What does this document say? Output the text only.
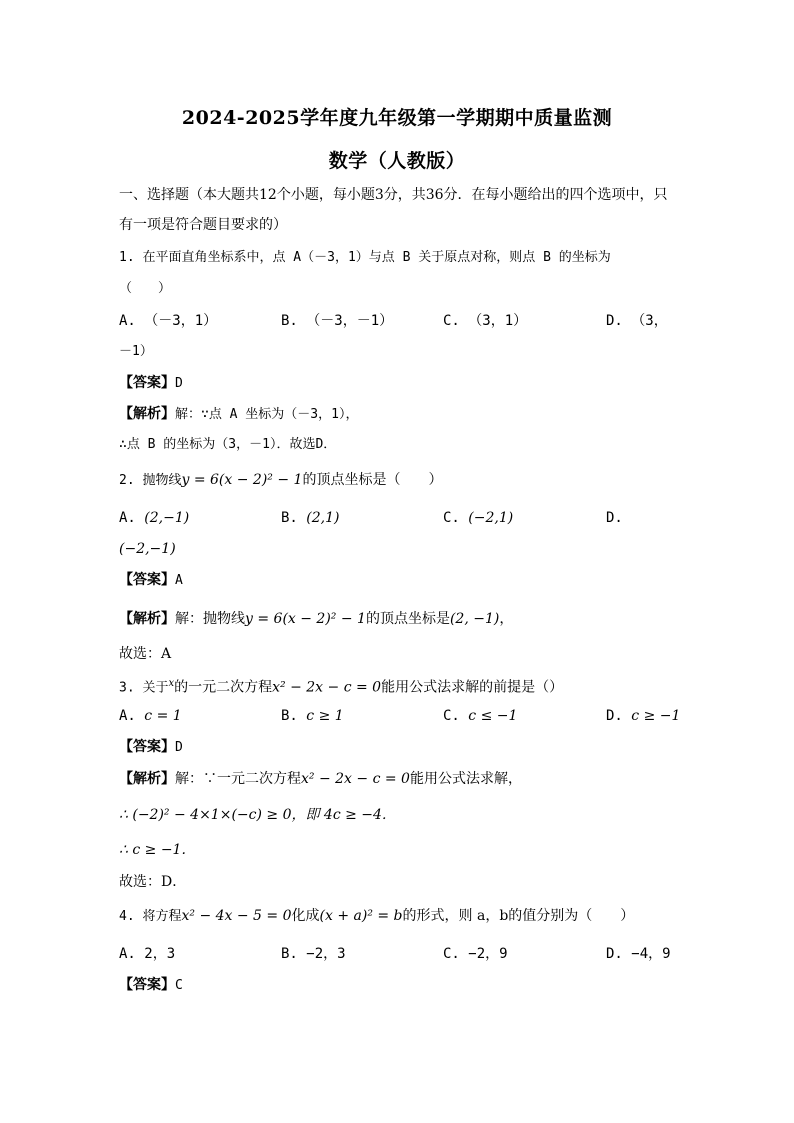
2024-2025学年度九年级第一学期期中质量监测
数学（人教版）
一、选择题（本大题共12个小题，每小题3分，共36分．在每小题给出的四个选项中，只
有一项是符合题目要求的）
1. 在平面直角坐标系中，点 A（－3，1）与点 B 关于原点对称，则点 B 的坐标为
（　　）
A. （－3，1）	B. （－3，－1）	C. （3，1）	D. （3，
－1）
【答案】D
【解析】解：∵点 A 坐标为（－3，1），
∴点 B 的坐标为（3，－1）．故选D．
2. 抛物线y = 6(x − 2)² − 1的顶点坐标是（　　）
A. (2,−1)	B. (2,1)	C. (−2,1)	D.
(−2,−1)
【答案】A
【解析】解：抛物线y = 6(x − 2)² − 1的顶点坐标是(2, −1)，
故选：A
3. 关于$^x$的一元二次方程x² − 2x − c = 0能用公式法求解的前提是（）
A. c = 1	B. c ≥ 1	C. c ≤ −1	D. c ≥ −1
【答案】D
【解析】解：∵一元二次方程x² − 2x − c = 0能用公式法求解，
∴ (−2)² − 4×1×(−c) ≥ 0，即 4c ≥ −4．
∴ c ≥ −1.
故选：D．
4. 将方程x² − 4x − 5 = 0化成(x + a)² = b的形式，则 a，b的值分别为（　　）
A. 2，3	B. −2，3	C. −2，9	D. −4，9
【答案】C
